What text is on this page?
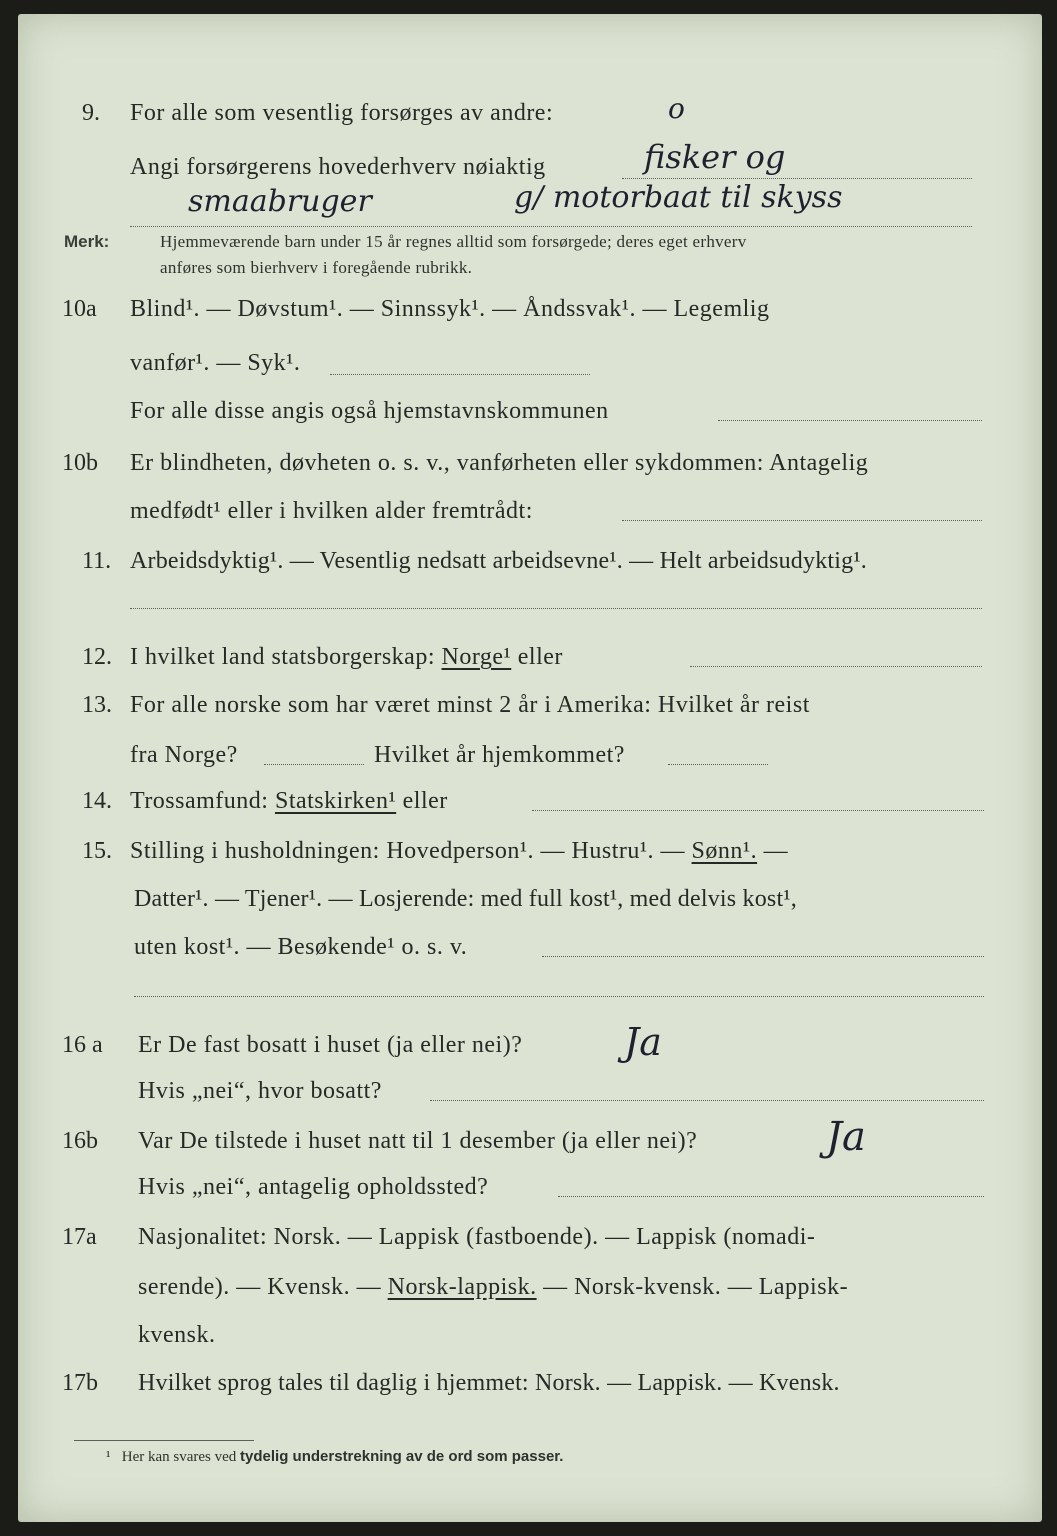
9. For alle som vesentlig forsørges av andre:	o
Angi forsørgerens hovederhverv nøiaktig	fisker og
smaabruger	g/ motorbaat til skyss
Merk:	Hjemmeværende barn under 15 år regnes alltid som forsørgede; deres eget erhverv
anføres som bierhverv i foregående rubrikk.
10a Blind¹. — Døvstum¹. — Sinnssyk¹. — Åndssvak¹. — Legemlig
vanfør¹. — Syk¹.
For alle disse angis også hjemstavnskommunen
10b Er blindheten, døvheten o. s. v., vanførheten eller sykdommen: Antagelig
medfødt¹ eller i hvilken alder fremtrådt:
11. Arbeidsdyktig¹. — Vesentlig nedsatt arbeidsevne¹. — Helt arbeidsudyktig¹.
12. I hvilket land statsborgerskap: Norge¹ eller
13. For alle norske som har været minst 2 år i Amerika: Hvilket år reist
fra Norge?	Hvilket år hjemkommet?
14. Trossamfund: Statskirken¹ eller
15. Stilling i husholdningen: Hovedperson¹. — Hustru¹. — Sønn¹. —
Datter¹. — Tjener¹. — Losjerende: med full kost¹, med delvis kost¹,
uten kost¹. — Besøkende¹ o. s. v.
16 a Er De fast bosatt i huset (ja eller nei)?	Ja
Hvis „nei“, hvor bosatt?
16b Var De tilstede i huset natt til 1 desember (ja eller nei)?	Ja
Hvis „nei“, antagelig opholdssted?
17a Nasjonalitet: Norsk. — Lappisk (fastboende). — Lappisk (nomadi-
serende). — Kvensk. — Norsk-lappisk. — Norsk-kvensk. — Lappisk-
kvensk.
17b Hvilket sprog tales til daglig i hjemmet: Norsk. — Lappisk. — Kvensk.
¹ Her kan svares ved tydelig understrekning av de ord som passer.
